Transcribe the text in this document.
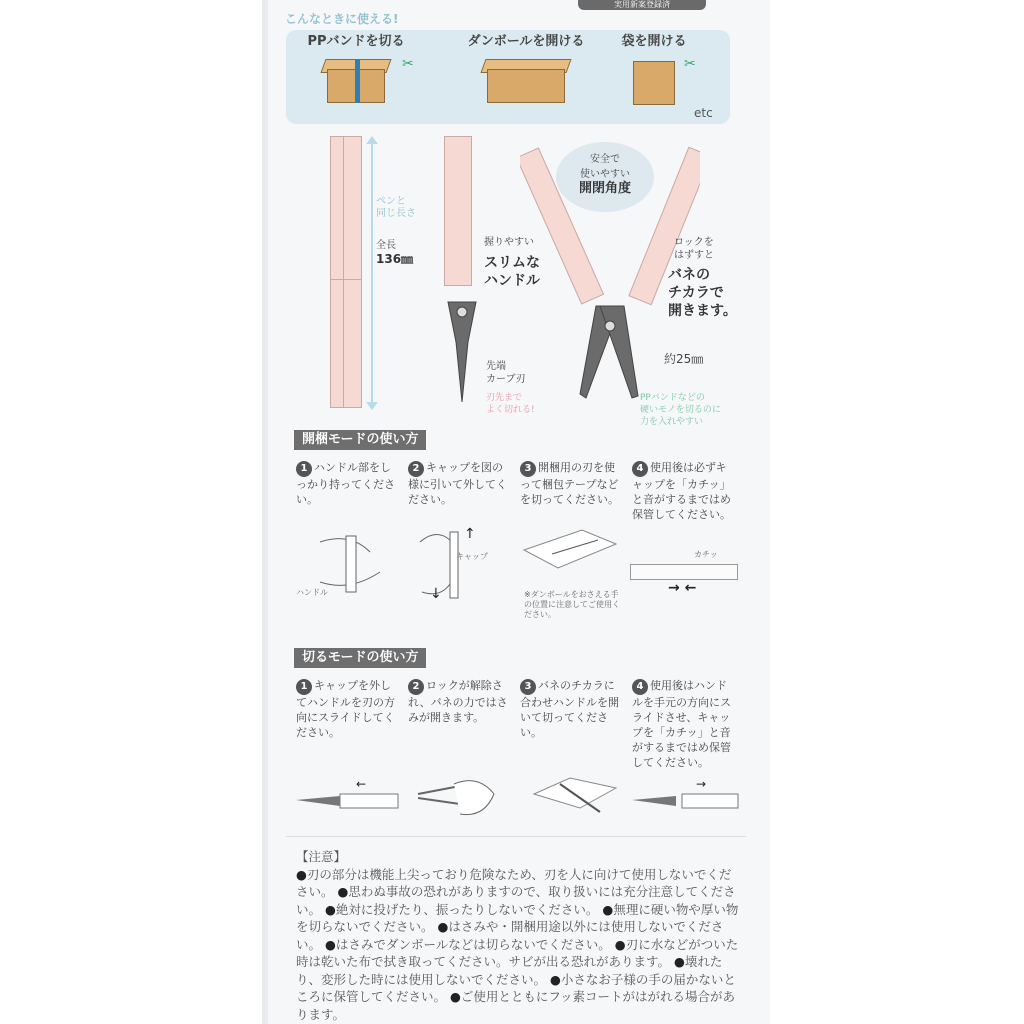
実用新案登録済
こんなときに使える!
PPバンドを切る
✂
ダンボールを開ける	袋を開ける
✂
etc
ペンと
同じ長さ
全長
136㎜
握りやすい
スリムな
ハンドル
先端
カーブ刃
刃先まで
よく切れる!
安全で
使いやすい
開閉角度
ロックを
はずすと
バネの
チカラで
開きます。
約25㎜
PPバンドなどの
硬いモノを切るのに
力を入れやすい
開梱モードの使い方
1 ハンドル部をしっかり持ってください。
2 キャップを図の様に引いて外してください。
3 開梱用の刃を使って梱包テープなどを切ってください。
4 使用後は必ずキャップを「カチッ」と音がするまではめ保管してください。
ハンドル
↑
↓
キャップ
※ダンボールをおさえる手の位置に注意してご使用ください。
カチッ
→ ←
切るモードの使い方
1 キャップを外してハンドルを刃の方向にスライドしてください。
2 ロックが解除され、バネの力ではさみが開きます。
3 バネのチカラに合わせハンドルを開いて切ってください。
4 使用後はハンドルを手元の方向にスライドさせ、キャップを「カチッ」と音がするまではめ保管してください。
←	→
【注意】
●刃の部分は機能上尖っており危険なため、刃を人に向けて使用しないでください。 ●思わぬ事故の恐れがありますので、取り扱いには充分注意してください。 ●絶対に投げたり、振ったりしないでください。 ●無理に硬い物や厚い物を切らないでください。 ●はさみや・開梱用途以外には使用しないでください。 ●はさみでダンボールなどは切らないでください。 ●刃に水などがついた時は乾いた布で拭き取ってください。サビが出る恐れがあります。 ●壊れたり、変形した時には使用しないでください。 ●小さなお子様の手の届かないところに保管してください。 ●ご使用とともにフッ素コートがはがれる場合があります。
